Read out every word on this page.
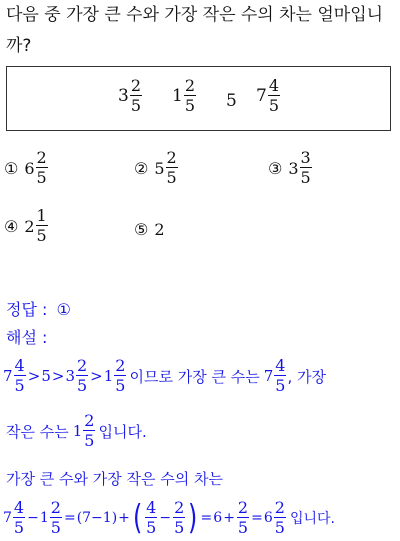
다음 중 가장 큰 수와 가장 작은 수의 차는 얼마입니
까?
$3 \frac{2}{5} 1 \frac{2}{5} 5$ $7 \frac{4}{5}$
① $6 \frac{2}{5}$	② $5 \frac{2}{5}$	③ $3 \frac{3}{5}$
④ $2 \frac{1}{5}$	⑤ 2
정답 : ①
해설 :
$7 \frac{4}{5} > 5 > 3 \frac{2}{5} > 1 \frac{2}{5}$ 이므로 가장 큰 수는 $7 \frac{4}{5}$ , 가장
작은 수는 $1 \frac{2}{5}$ 입니다.
가장 큰 수와 가장 작은 수의 차는
$7 \frac{4}{5} - 1 \frac{2}{5} = (7-1)$ + ( $\frac{4}{5} - \frac{2}{5}$ ) = $6 + \frac{2}{5} = 6 \frac{2}{5}$ 입니다.
